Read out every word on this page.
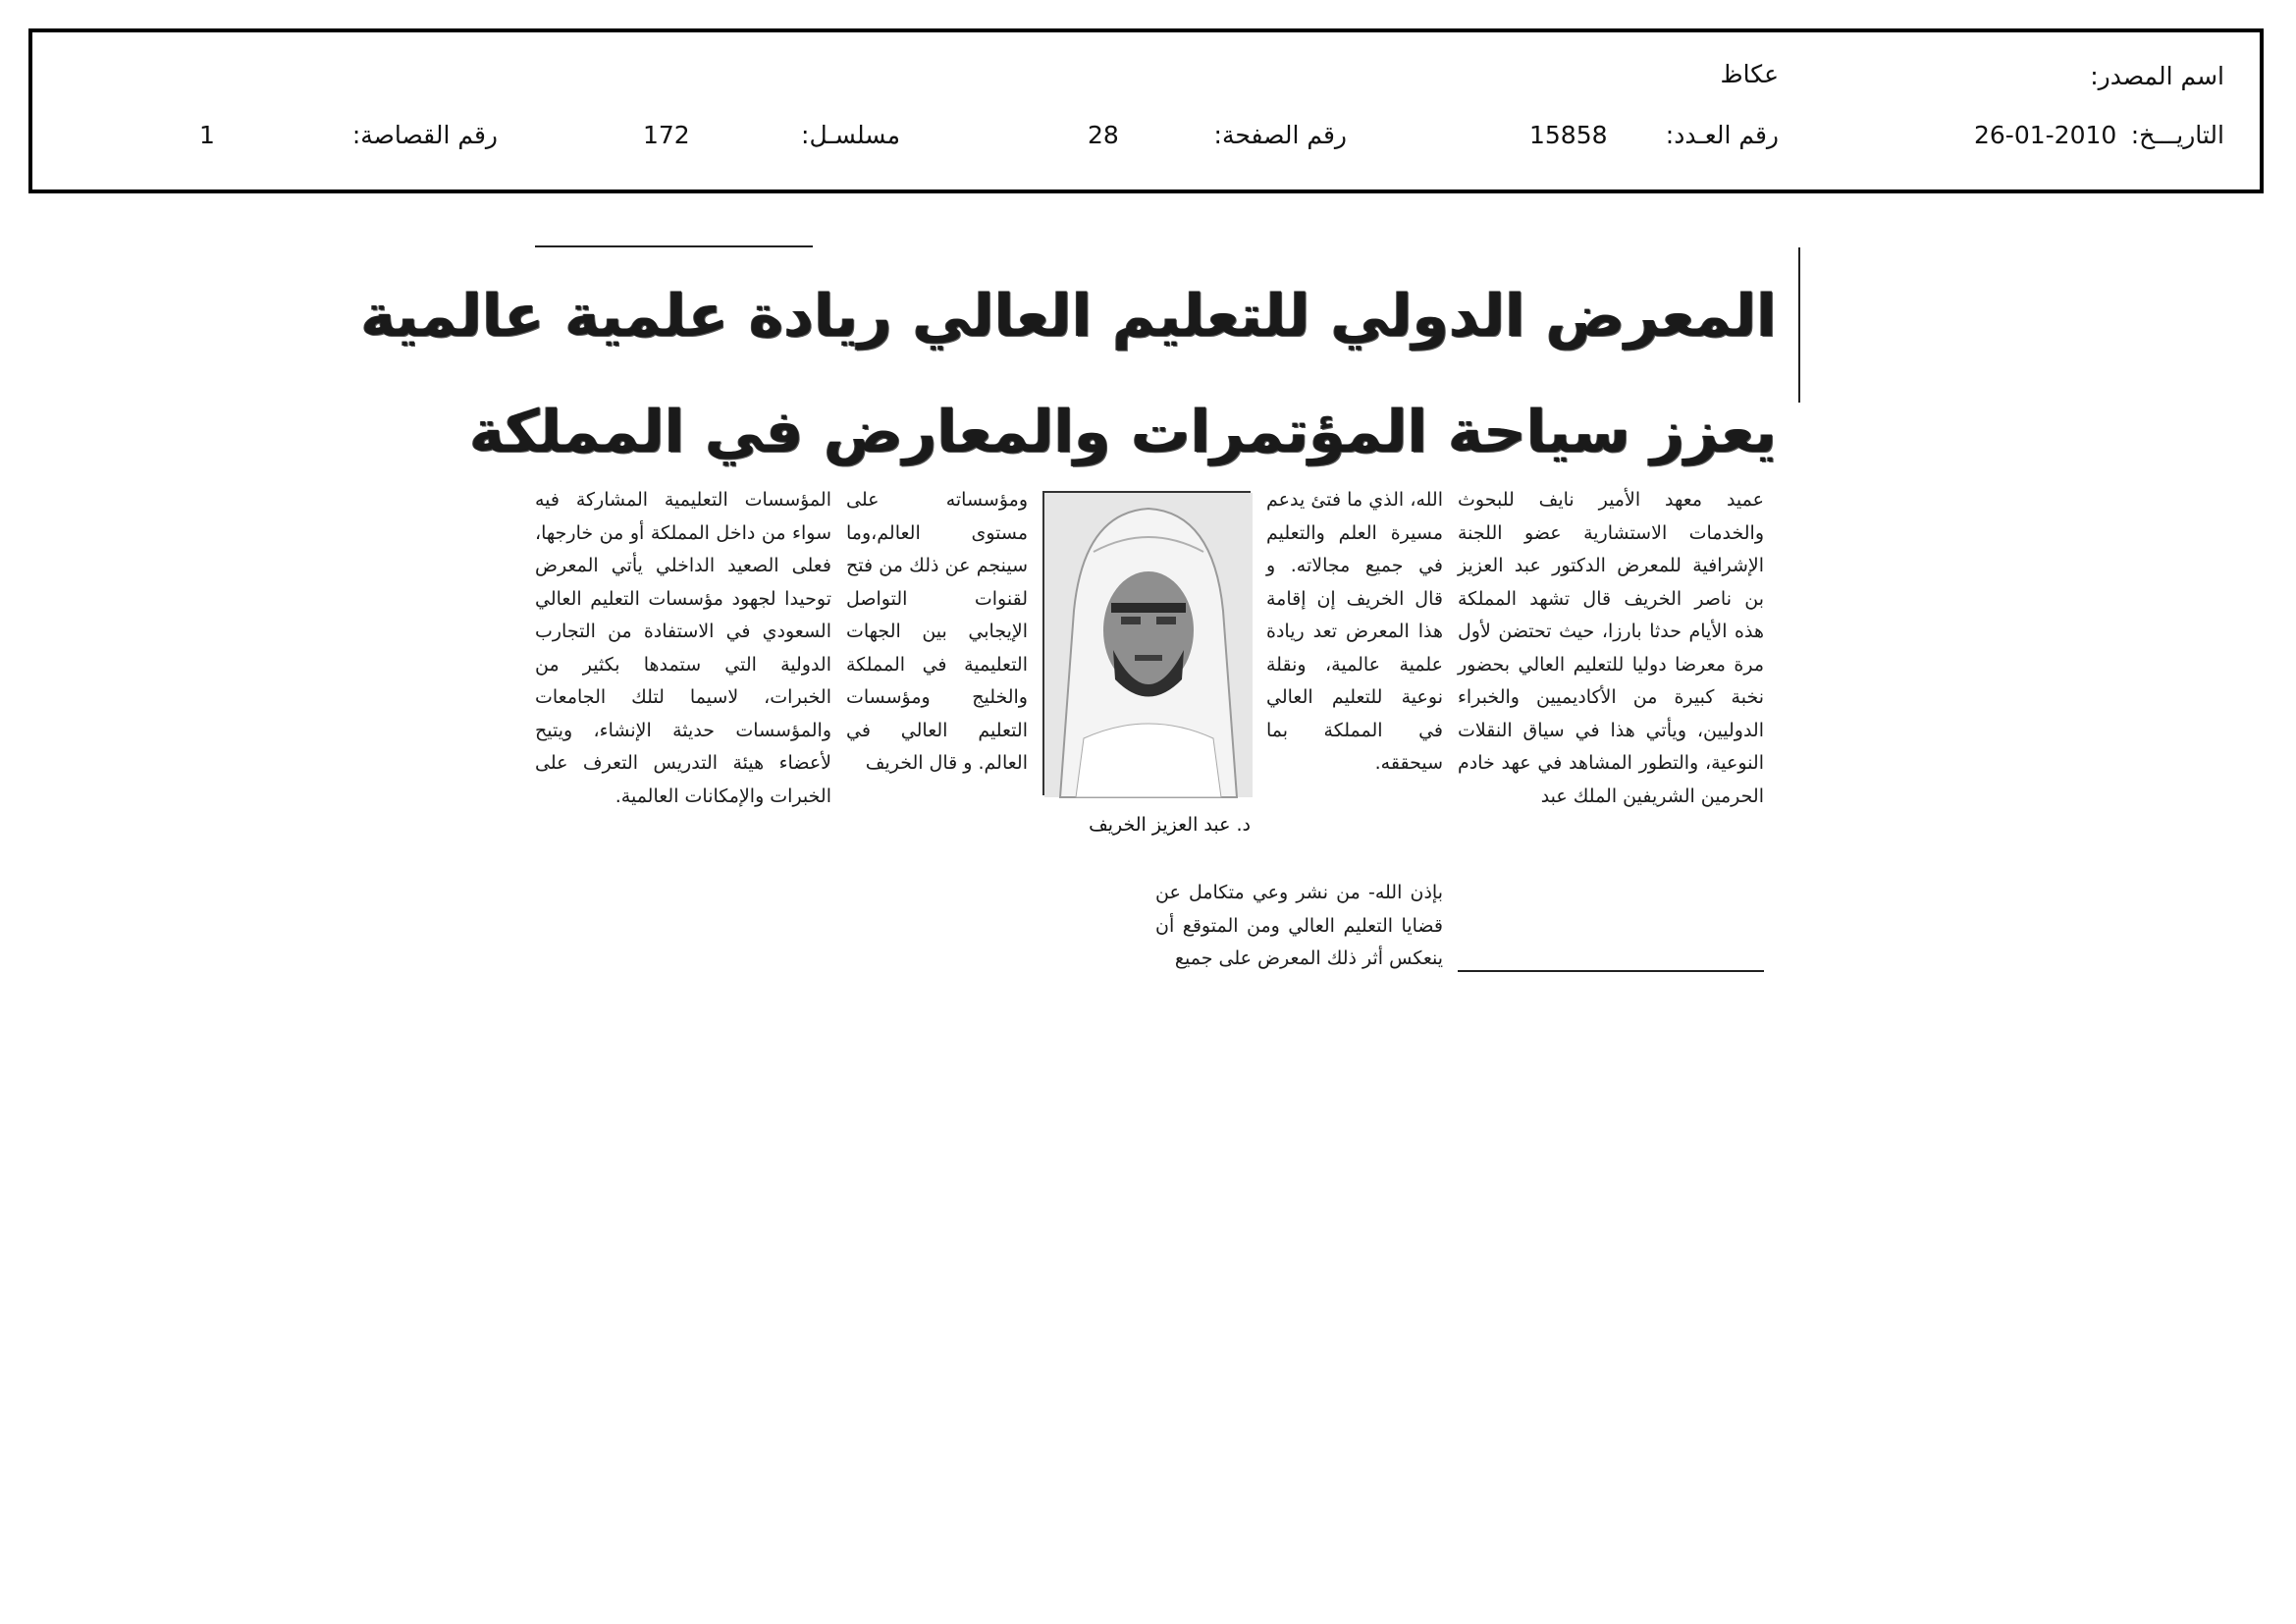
اسم المصدر:
عكاظ
التاريـــخ:
26-01-2010
رقم العـدد:
15858
رقم الصفحة:
28
مسلسـل:
172
رقم القصاصة:
1
المعرض الدولي للتعليم العالي ريادة علمية عالمية
يعزز سياحة المؤتمرات والمعارض في المملكة

عميد معهد الأمير نايف للبحوث والخدمات الاستشارية عضو اللجنة الإشرافية للمعرض الدكتور عبد العزيز بن ناصر الخريف قال تشهد المملكة هذه الأيام حدثا بارزا، حيث تحتضن لأول مرة معرضا دوليا للتعليم العالي بحضور نخبة كبيرة من الأكاديميين والخبراء الدوليين، ويأتي هذا في سياق النقلات النوعية، والتطور المشاهد في عهد خادم الحرمين الشريفين الملك عبد

الله، الذي ما فتئ يدعم مسيرة العلم والتعليم في جميع مجالاته. و قال الخريف إن إقامة هذا المعرض تعد ريادة علمية عالمية، ونقلة نوعية للتعليم العالي في المملكة بما سيحققه.

د. عبد العزيز الخريف

بإذن الله- من نشر وعي متكامل عن قضايا التعليم العالي ومن المتوقع أن ينعكس أثر ذلك المعرض على جميع

ومؤسساته على مستوى العالم،وما سينجم عن ذلك من فتح لقنوات التواصل الإيجابي بين الجهات التعليمية في المملكة والخليج ومؤسسات التعليم العالي في العالم. و قال الخريف

المؤسسات التعليمية المشاركة فيه سواء من داخل المملكة أو من خارجها، فعلى الصعيد الداخلي يأتي المعرض توحيدا لجهود مؤسسات التعليم العالي السعودي في الاستفادة من التجارب الدولية التي ستمدها بكثير من الخبرات، لاسيما لتلك الجامعات والمؤسسات حديثة الإنشاء، ويتيح لأعضاء هيئة التدريس التعرف على الخبرات والإمكانات العالمية.
